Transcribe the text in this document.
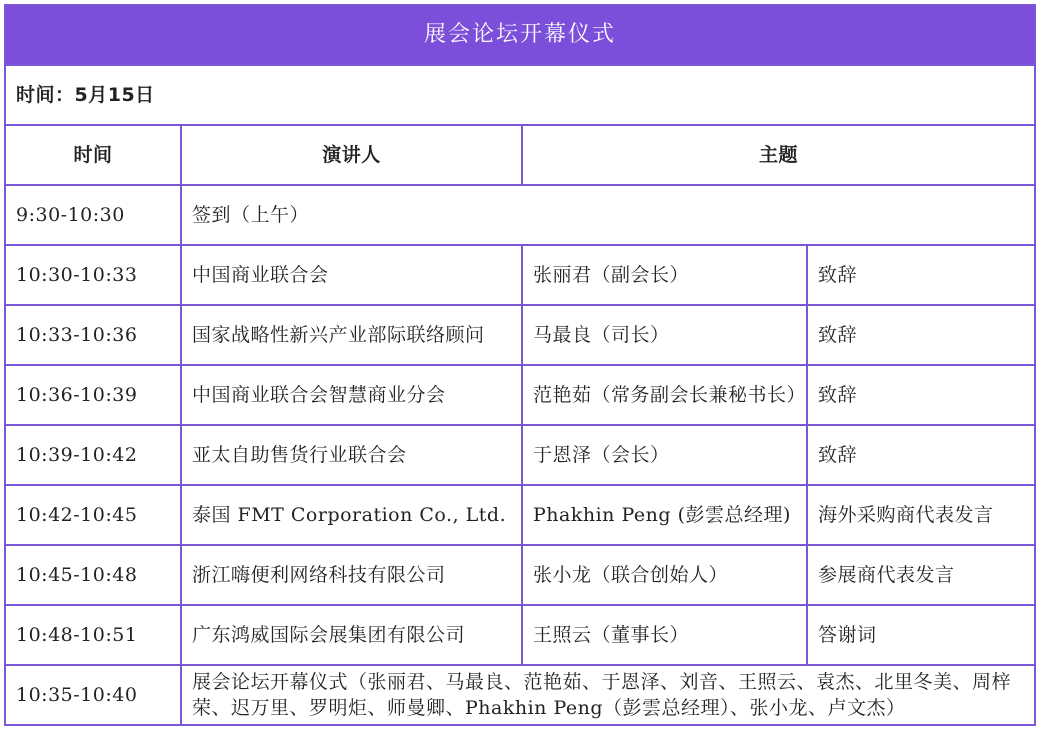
展会论坛开幕仪式			
时间：5月15日			
时间	演讲人	主题	
9:30-10:30	签到（上午）		
10:30-10:33	中国商业联合会	张丽君（副会长）	致辞
10:33-10:36	国家战略性新兴产业部际联络顾问	马最良（司长）	致辞
10:36-10:39	中国商业联合会智慧商业分会	范艳茹（常务副会长兼秘书长）	致辞
10:39-10:42	亚太自助售货行业联合会	于恩泽（会长）	致辞
10:42-10:45	泰国 FMT Corporation Co., Ltd.	Phakhin Peng (彭雲总经理)	海外采购商代表发言
10:45-10:48	浙江嗨便利网络科技有限公司	张小龙（联合创始人）	参展商代表发言
10:48-10:51	广东鸿威国际会展集团有限公司	王照云（董事长）	答谢词
10:35-10:40	展会论坛开幕仪式（张丽君、马最良、范艳茹、于恩泽、刘音、王照云、袁杰、北里冬美、周梓荣、迟万里、罗明炬、师曼卿、Phakhin Peng（彭雲总经理）、张小龙、卢文杰）		
